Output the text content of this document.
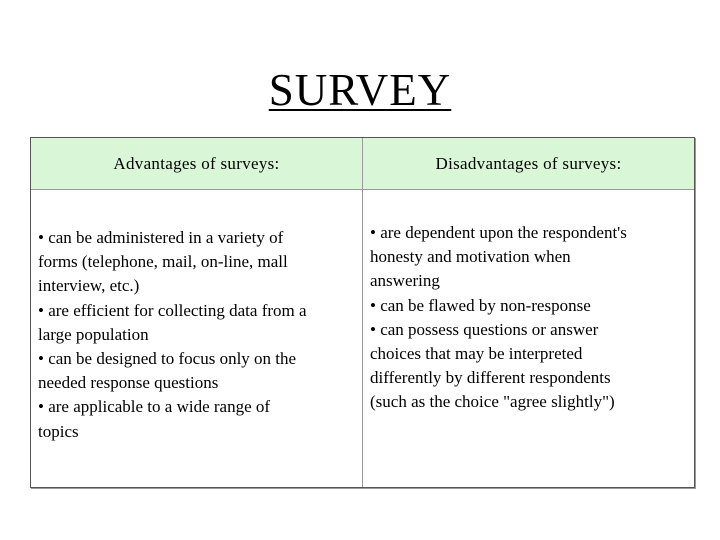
SURVEY
Advantages of surveys:	Disadvantages of surveys:
• can be administered in a variety of
forms (telephone, mail, on-line, mall
interview, etc.)
• are efficient for collecting data from a
large population
• can be designed to focus only on the
needed response questions
• are applicable to a wide range of
topics
• are dependent upon the respondent's
honesty and motivation when
answering
• can be flawed by non-response
• can possess questions or answer
choices that may be interpreted
differently by different respondents
(such as the choice "agree slightly")
